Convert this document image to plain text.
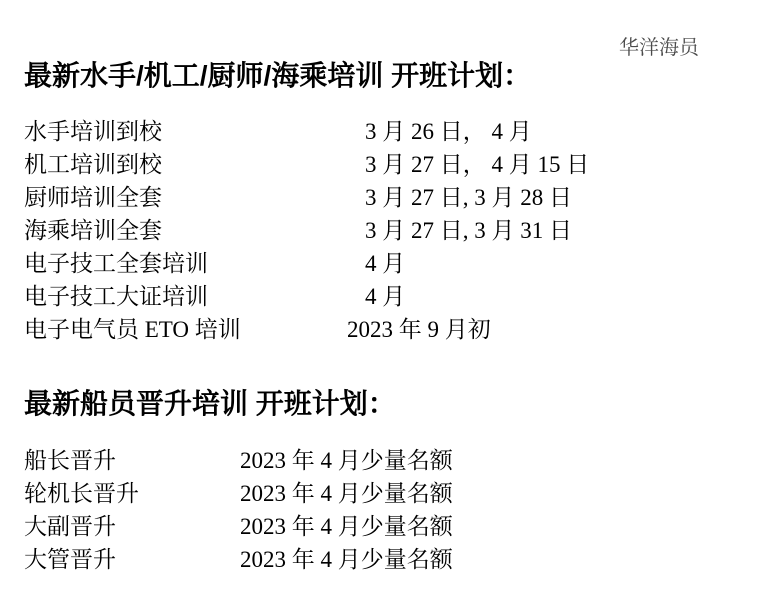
华洋海员
最新水手/机工/厨师/海乘培训 开班计划：
水手培训到校	3 月 26 日， 4 月
机工培训到校	3 月 27 日， 4 月 15 日
厨师培训全套	3 月 27 日, 3 月 28 日
海乘培训全套	3 月 27 日, 3 月 31 日
电子技工全套培训	4 月
电子技工大证培训	4 月
电子电气员 ETO 培训	2023 年 9 月初
最新船员晋升培训 开班计划：
船长晋升	2023 年 4 月少量名额
轮机长晋升	2023 年 4 月少量名额
大副晋升	2023 年 4 月少量名额
大管晋升	2023 年 4 月少量名额
